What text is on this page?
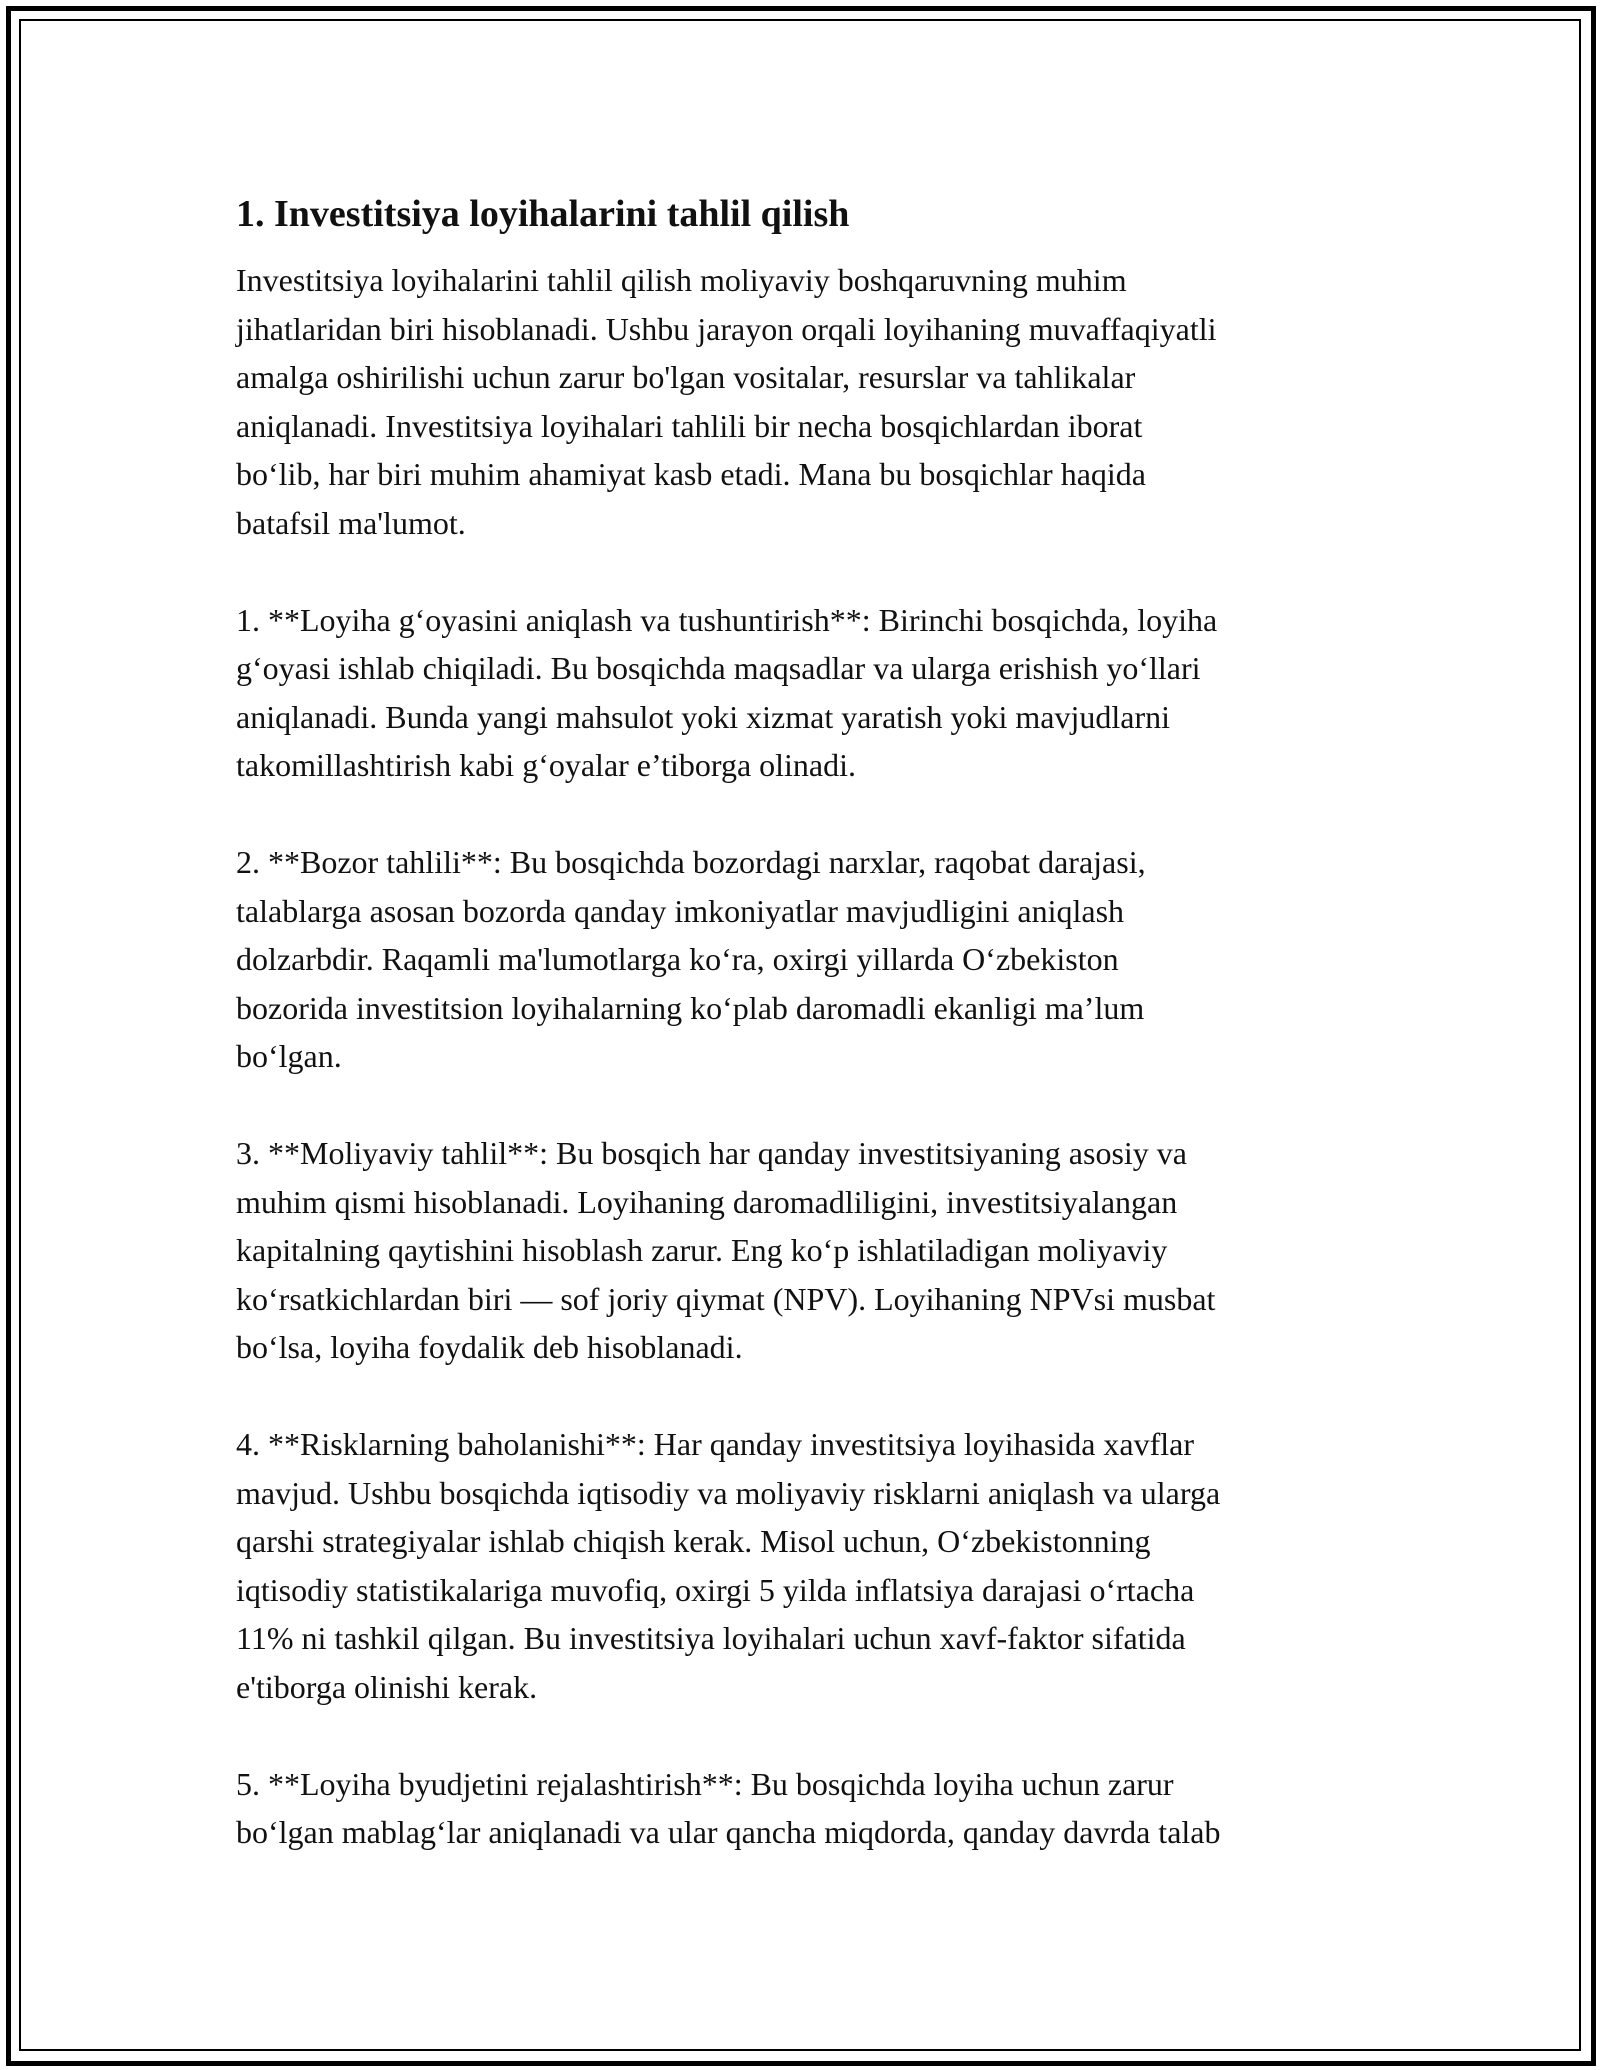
1. Investitsiya loyihalarini tahlil qilish

Investitsiya loyihalarini tahlil qilish moliyaviy boshqaruvning muhim
jihatlaridan biri hisoblanadi. Ushbu jarayon orqali loyihaning muvaffaqiyatli
amalga oshirilishi uchun zarur bo'lgan vositalar, resurslar va tahlikalar
aniqlanadi. Investitsiya loyihalari tahlili bir necha bosqichlardan iborat
bo‘lib, har biri muhim ahamiyat kasb etadi. Mana bu bosqichlar haqida
batafsil ma'lumot.

1. **Loyiha g‘oyasini aniqlash va tushuntirish**: Birinchi bosqichda, loyiha
g‘oyasi ishlab chiqiladi. Bu bosqichda maqsadlar va ularga erishish yo‘llari
aniqlanadi. Bunda yangi mahsulot yoki xizmat yaratish yoki mavjudlarni
takomillashtirish kabi g‘oyalar e’tiborga olinadi.

2. **Bozor tahlili**: Bu bosqichda bozordagi narxlar, raqobat darajasi,
talablarga asosan bozorda qanday imkoniyatlar mavjudligini aniqlash
dolzarbdir. Raqamli ma'lumotlarga ko‘ra, oxirgi yillarda O‘zbekiston
bozorida investitsion loyihalarning ko‘plab daromadli ekanligi ma’lum
bo‘lgan.

3. **Moliyaviy tahlil**: Bu bosqich har qanday investitsiyaning asosiy va
muhim qismi hisoblanadi. Loyihaning daromadliligini, investitsiyalangan
kapitalning qaytishini hisoblash zarur. Eng ko‘p ishlatiladigan moliyaviy
ko‘rsatkichlardan biri — sof joriy qiymat (NPV). Loyihaning NPVsi musbat
bo‘lsa, loyiha foydalik deb hisoblanadi.

4. **Risklarning baholanishi**: Har qanday investitsiya loyihasida xavflar
mavjud. Ushbu bosqichda iqtisodiy va moliyaviy risklarni aniqlash va ularga
qarshi strategiyalar ishlab chiqish kerak. Misol uchun, O‘zbekistonning
iqtisodiy statistikalariga muvofiq, oxirgi 5 yilda inflatsiya darajasi o‘rtacha
11% ni tashkil qilgan. Bu investitsiya loyihalari uchun xavf-faktor sifatida
e'tiborga olinishi kerak.

5. **Loyiha byudjetini rejalashtirish**: Bu bosqichda loyiha uchun zarur
bo‘lgan mablag‘lar aniqlanadi va ular qancha miqdorda, qanday davrda talab
